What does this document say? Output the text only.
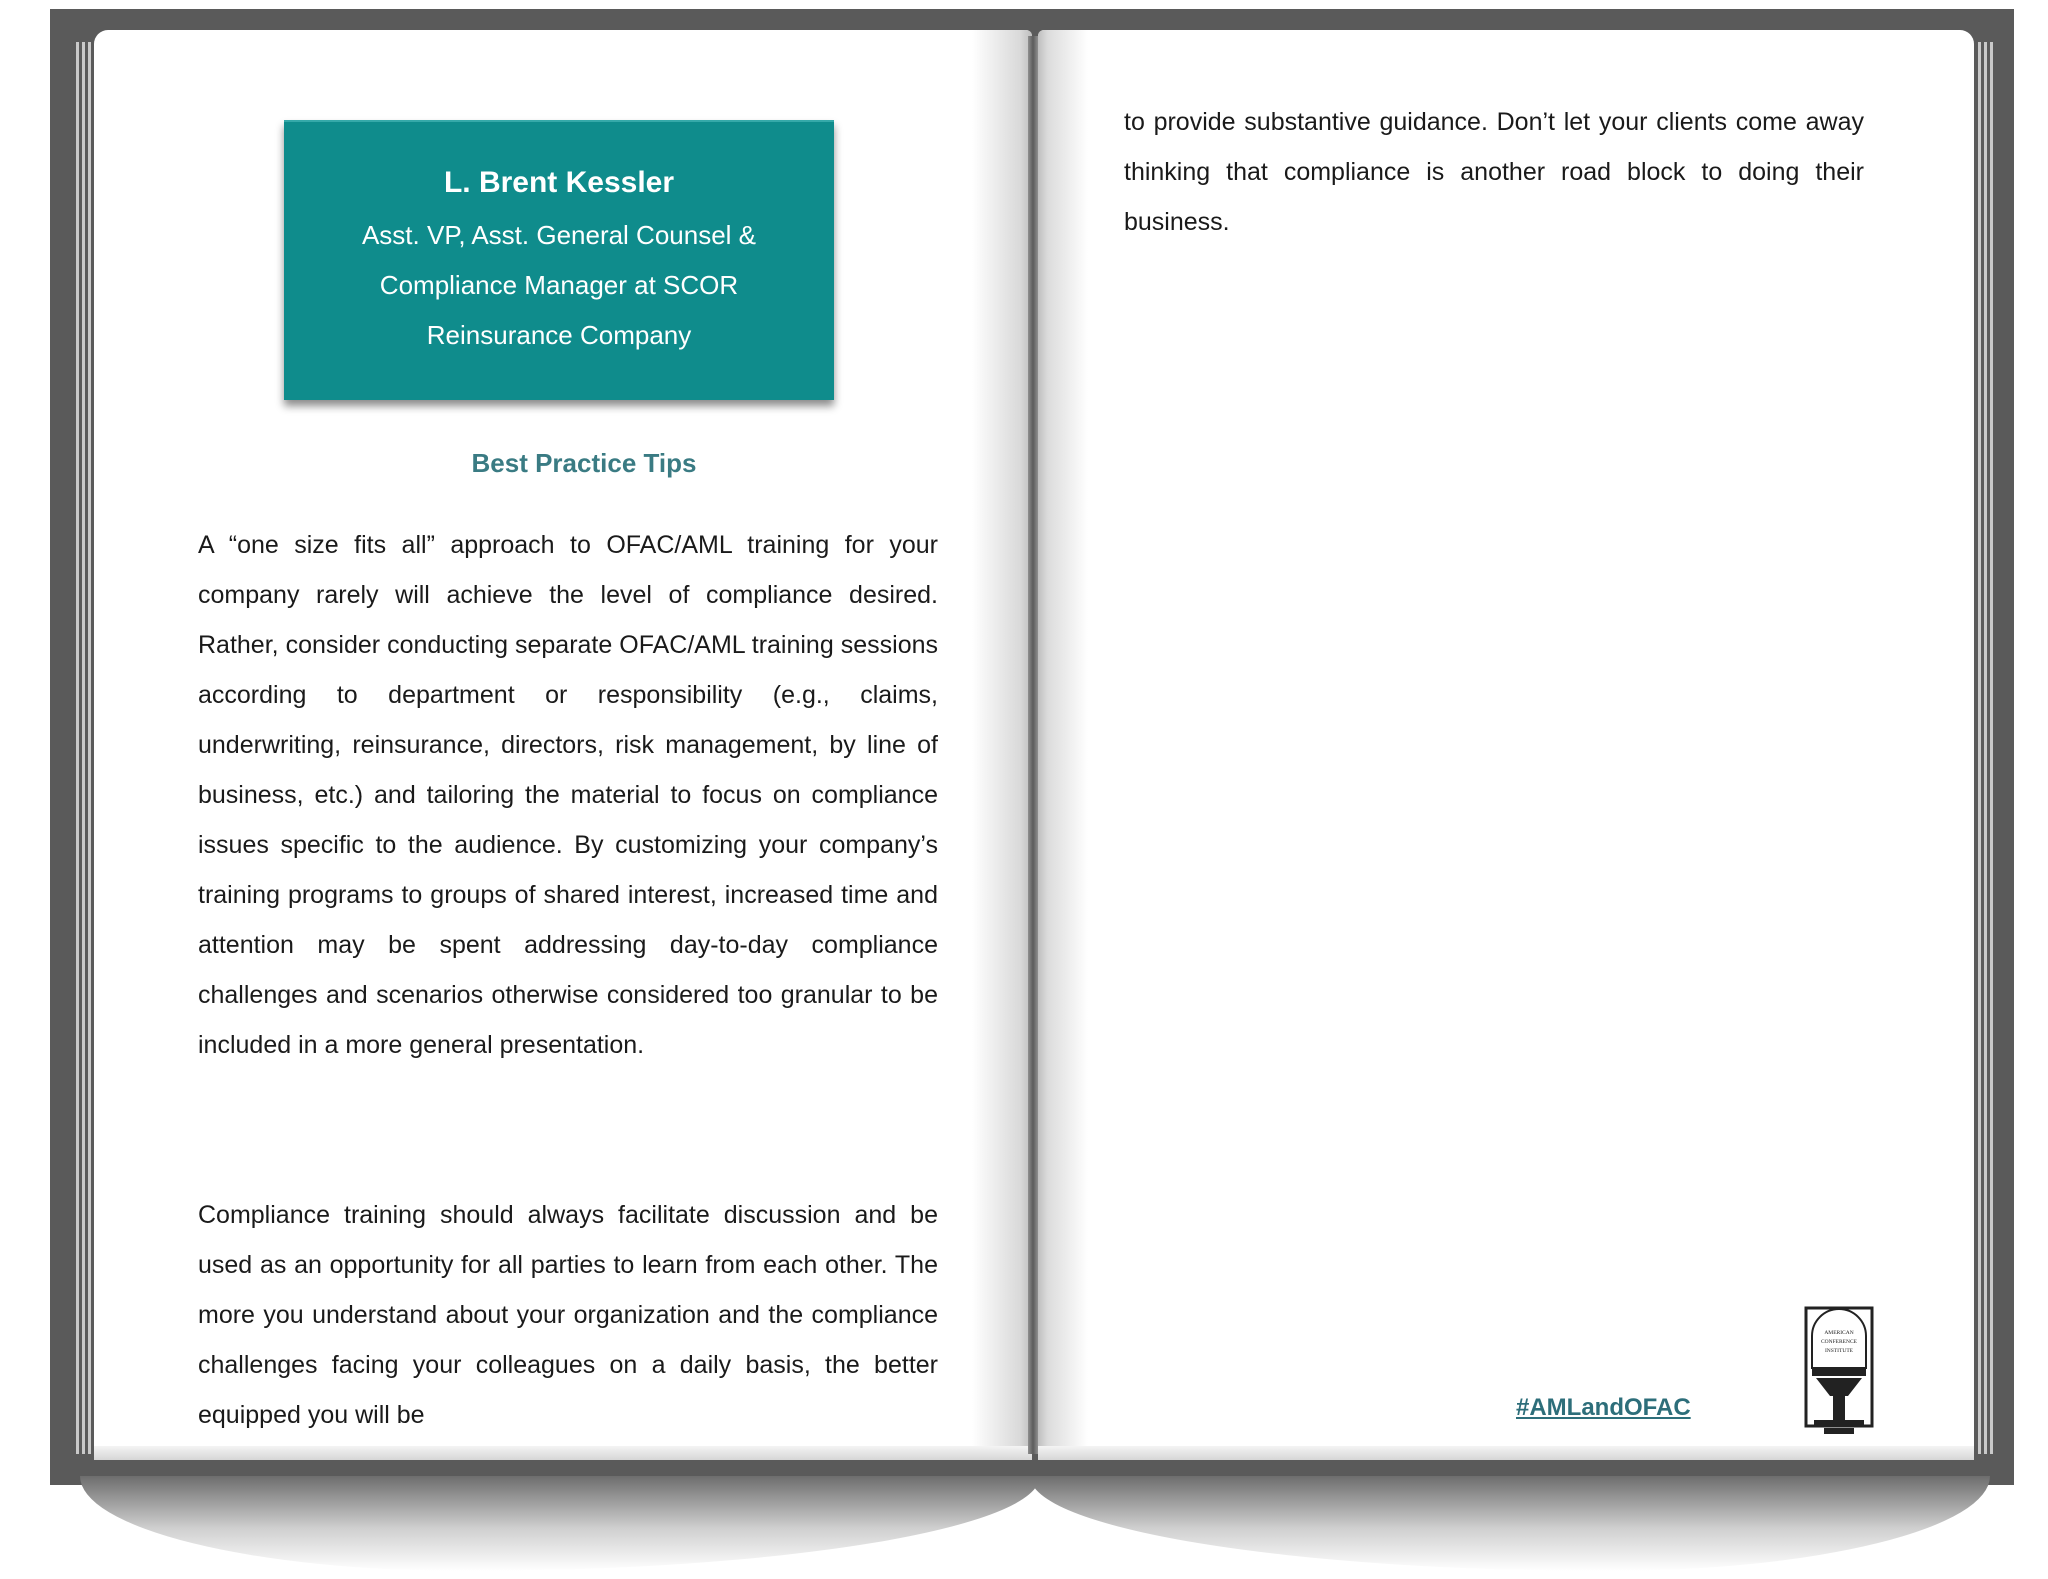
L. Brent Kessler
Asst. VP, Asst. General Counsel &
Compliance Manager at SCOR
Reinsurance Company
Best Practice Tips
A “one size fits all” approach to OFAC/AML training for your company rarely will achieve the level of compliance desired. Rather, consider conducting separate OFAC/AML training sessions according to department or responsibility (e.g., claims, underwriting, reinsurance, directors, risk management, by line of business, etc.) and tailoring the material to focus on compliance issues specific to the audience. By customizing your company’s training programs to groups of shared interest, increased time and attention may be spent addressing day-to-day compliance challenges and scenarios otherwise considered too granular to be included in a more general presentation.
Compliance training should always facilitate discussion and be used as an opportunity for all parties to learn from each other. The more you understand about your organization and the compliance challenges facing your colleagues on a daily basis, the better equipped you will be
to provide substantive guidance. Don’t let your clients come away thinking that compliance is another road block to doing their business.
#AMLandOFAC
AMERICAN
CONFERENCE
INSTITUTE
